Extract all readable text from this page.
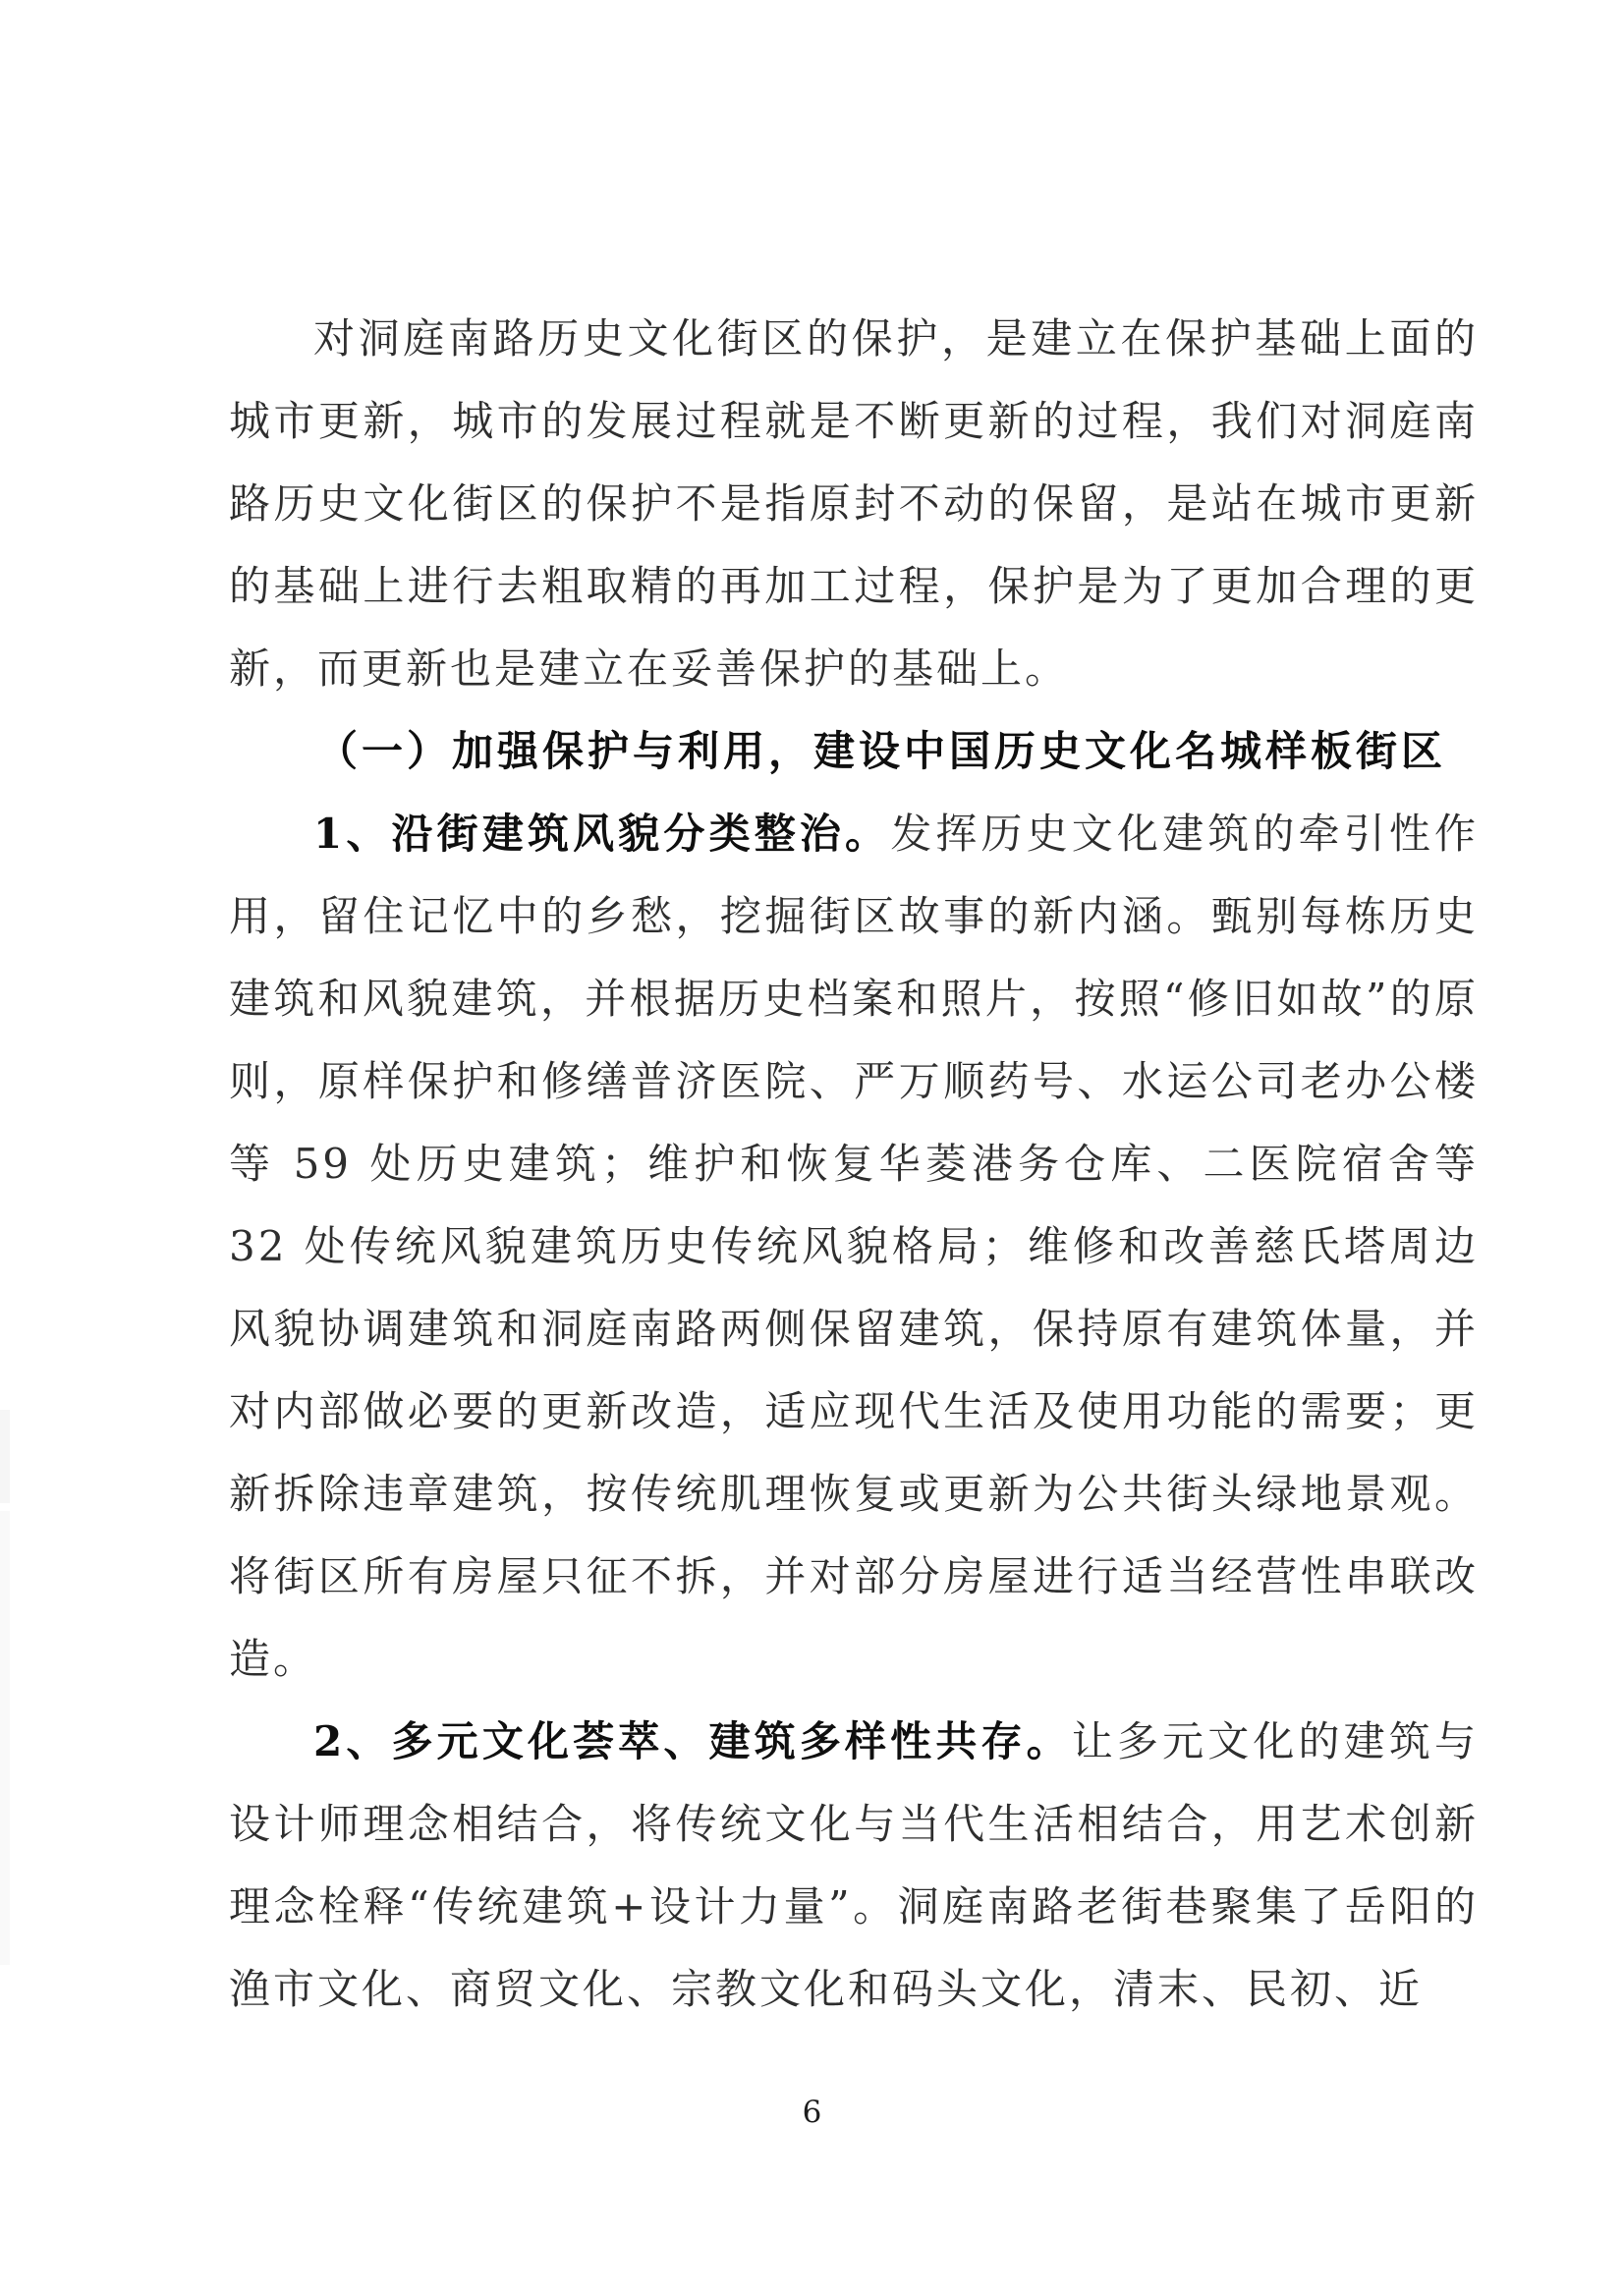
对洞庭南路历史文化街区的保护，是建立在保护基础上面的城市更新，城市的发展过程就是不断更新的过程，我们对洞庭南路历史文化街区的保护不是指原封不动的保留，是站在城市更新的基础上进行去粗取精的再加工过程，保护是为了更加合理的更新，而更新也是建立在妥善保护的基础上。

（一）加强保护与利用，建设中国历史文化名城样板街区

1、沿街建筑风貌分类整治。发挥历史文化建筑的牵引性作用，留住记忆中的乡愁，挖掘街区故事的新内涵。甄别每栋历史建筑和风貌建筑，并根据历史档案和照片，按照“修旧如故”的原则，原样保护和修缮普济医院、严万顺药号、水运公司老办公楼等 59 处历史建筑；维护和恢复华菱港务仓库、二医院宿舍等 32 处传统风貌建筑历史传统风貌格局；维修和改善慈氏塔周边风貌协调建筑和洞庭南路两侧保留建筑，保持原有建筑体量，并对内部做必要的更新改造，适应现代生活及使用功能的需要；更新拆除违章建筑，按传统肌理恢复或更新为公共街头绿地景观。将街区所有房屋只征不拆，并对部分房屋进行适当经营性串联改造。

2、多元文化荟萃、建筑多样性共存。让多元文化的建筑与设计师理念相结合，将传统文化与当代生活相结合，用艺术创新理念栓释“传统建筑+设计力量”。洞庭南路老街巷聚集了岳阳的渔市文化、商贸文化、宗教文化和码头文化，清末、民初、近

6
